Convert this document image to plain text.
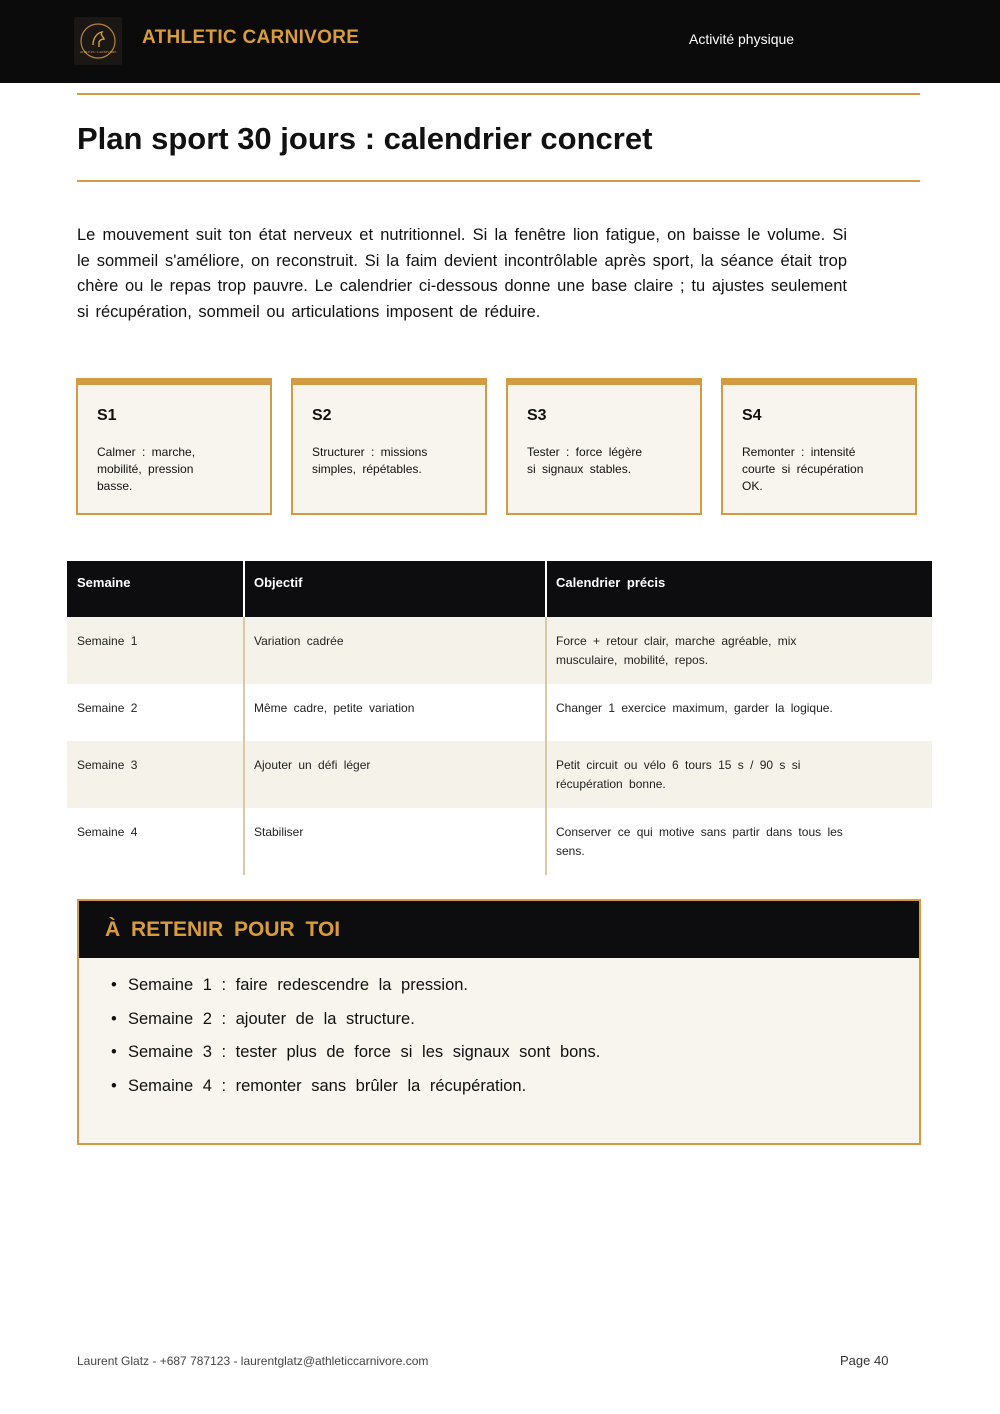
ATHLETIC CARNIVORE
ATHLETIC CARNIVORE	Activité physique
Plan sport 30 jours : calendrier concret

Le mouvement suit ton état nerveux et nutritionnel. Si la fenêtre lion fatigue, on baisse le volume. Si le sommeil s'améliore, on reconstruit. Si la faim devient incontrôlable après sport, la séance était trop chère ou le repas trop pauvre. Le calendrier ci-dessous donne une base claire ; tu ajustes seulement si récupération, sommeil ou articulations imposent de réduire.

S1
Calmer : marche, mobilité, pression basse.
S2
Structurer : missions simples, répétables.
S3
Tester : force légère si signaux stables.
S4
Remonter : intensité courte si récupération OK.
Semaine	Objectif	Calendrier précis
Semaine 1	Variation cadrée	Force + retour clair, marche agréable, mix musculaire, mobilité, repos.
Semaine 2	Même cadre, petite variation	Changer 1 exercice maximum, garder la logique.
Semaine 3	Ajouter un défi léger	Petit circuit ou vélo 6 tours 15 s / 90 s si récupération bonne.
Semaine 4	Stabiliser	Conserver ce qui motive sans partir dans tous les sens.
À RETENIR POUR TOI
• Semaine 1 : faire redescendre la pression.
• Semaine 2 : ajouter de la structure.
• Semaine 3 : tester plus de force si les signaux sont bons.
• Semaine 4 : remonter sans brûler la récupération.
Laurent Glatz - +687 787123 - laurentglatz@athleticcarnivore.com	Page 40
